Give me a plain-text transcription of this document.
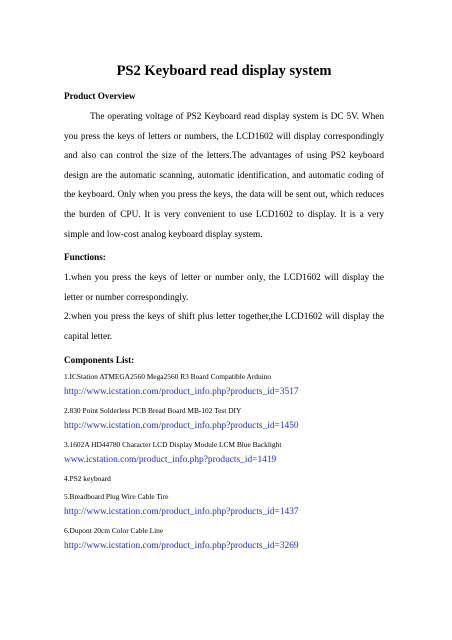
PS2 Keyboard read display system
Product Overview

The operating voltage of PS2 Keyboard read display system is DC 5V. When you press the keys of letters or numbers, the LCD1602 will display correspondingly and also can control the size of the letters.The advantages of using PS2 keyboard design are the automatic scanning, automatic identification, and automatic coding of the keyboard. Only when you press the keys, the data will be sent out, which reduces the burden of CPU. It is very convenient to use LCD1602 to display. It is a very simple and low-cost analog keyboard display system.

Functions:

1.when you press the keys of letter or number only, the LCD1602 will display the letter or number correspondingly.

2.when you press the keys of shift plus letter together,the LCD1602 will display the capital letter.

Components List:
1.ICStation ATMEGA2560 Mega2560 R3 Board Compatible Arduino
http://www.icstation.com/product_info.php?products_id=3517
2.830 Point Solderless PCB Bread Board MB-102 Test DIY
http://www.icstation.com/product_info.php?products_id=1450
3.1602A HD44780 Character LCD Display Module LCM Blue Backlight
www.icstation.com/product_info.php?products_id=1419
4.PS2 keyboard
5.Breadboard Plug Wire Cable Tire
http://www.icstation.com/product_info.php?products_id=1437
6.Dupont 20cm Color Cable Line
http://www.icstation.com/product_info.php?products_id=3269
